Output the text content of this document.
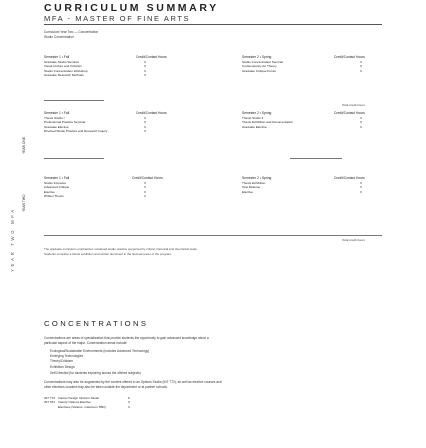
CURRICULUM SUMMARY
MFA - MASTER OF FINE ARTS
Curriculum Year Two — Concentration
Studio Concentration
Semester 1 • Fall	Credit/Contact Hours
Graduate Studio Seminar	3
Visual Culture and Criticism	3
Studio Concentration Workshop	3
Graduate Research Methods	3
Semester 2 • Spring	Credit/Contact Hours
Studio Concentration Seminar	3
Contemporary Art Theory	3
Graduate Critique Forum	3
Total credit hours
YEAR TWO MFA
YEAR ONE
YEAR TWO
Semester 1 • Fall	Credit/Contact Hours
Thesis Studio I	3
Professional Practice Seminar	3
Graduate Elective	3
Directed Studio Practice and Research Inquiry	3
Semester 2 • Spring	Credit/Contact Hours
Thesis Studio II	3
Thesis Exhibition and Documentation	3
Graduate Elective	3
Semester 1 • Fall	Credit/Contact Hours
Studio Intensive	3
Advanced Critique	3
Elective	3
Written Thesis	3
Semester 2 • Spring	Credit/Contact Hours
Thesis Exhibition	3
Oral Defense	3
Elective	3
Total credit hours
The graduate curriculum emphasizes sustained studio practice supported by critical, historical and theoretical study.
Students complete a thesis exhibition and written document in the final semester of the program.
CONCENTRATIONS
Concentrations are areas of specialization that provide students the opportunity to gain advanced knowledge about a
particular aspect of the major. Concentration areas include:
Ecological/Sustainable Environments (Includes Advanced Technology)
Emerging Technologies
Theory/Criticism
Exhibition Design
Self-Directed (for students exploring across the offered subjects)
Concentrations may also be augmented by the content offered in an Options Studio (INT 772), as well as elective courses and
other electives counted may also be taken outside the department or at partner schools.
INT 772 Interior Design Options Studio	6
INT 781 Interior Options Elective	3
Electives (Various, maximum TBD)	3
